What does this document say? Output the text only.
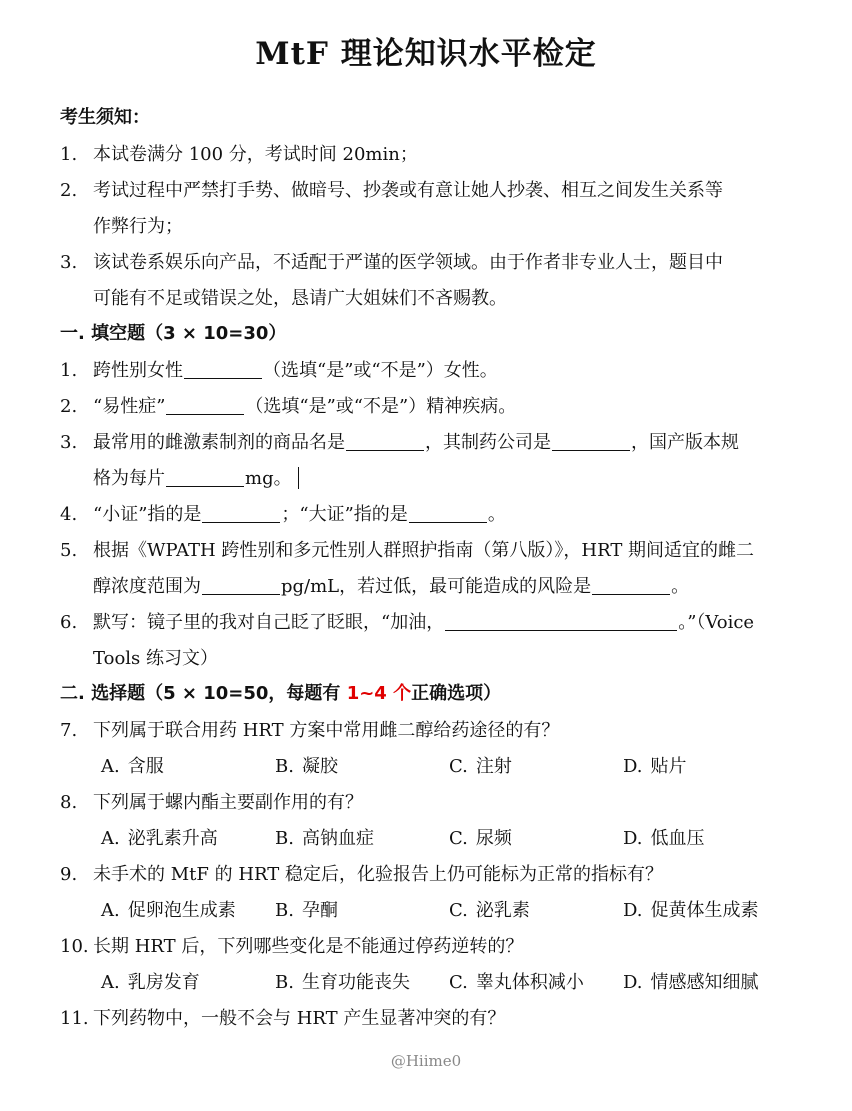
MtF 理论知识水平检定
考生须知：
1. 本试卷满分 100 分，考试时间 20min；
2. 考试过程中严禁打手势、做暗号、抄袭或有意让她人抄袭、相互之间发生关系等
作弊行为；
3. 该试卷系娱乐向产品，不适配于严谨的医学领域。由于作者非专业人士，题目中
可能有不足或错误之处，恳请广大姐妹们不吝赐教。
一. 填空题（3 × 10=30）
1. 跨性别女性	（选填“是”或“不是”）女性。
2. “易性症”	（选填“是”或“不是”）精神疾病。
3. 最常用的雌激素制剂的商品名是	，其制药公司是	，国产版本规
格为每片	mg。
4. “小证”指的是	；“大证”指的是	。
5. 根据《WPATH 跨性别和多元性别人群照护指南（第八版）》，HRT 期间适宜的雌二
醇浓度范围为	pg/mL，若过低，最可能造成的风险是	。
6. 默写：镜子里的我对自己眨了眨眼，“加油，	。”（Voice
Tools 练习文）
二. 选择题（5 × 10=50，每题有 1~4 个正确选项）
7. 下列属于联合用药 HRT 方案中常用雌二醇给药途径的有？
A. 含服	B. 凝胶	C. 注射	D. 贴片
8. 下列属于螺内酯主要副作用的有？
A. 泌乳素升高	B. 高钠血症	C. 尿频	D. 低血压
9. 未手术的 MtF 的 HRT 稳定后，化验报告上仍可能标为正常的指标有？
A. 促卵泡生成素 B. 孕酮	C. 泌乳素	D. 促黄体生成素
10. 长期 HRT 后，下列哪些变化是不能通过停药逆转的？
A. 乳房发育	B. 生育功能丧失 C. 睾丸体积减小 D. 情感感知细腻
11. 下列药物中，一般不会与 HRT 产生显著冲突的有？
@Hiime0
